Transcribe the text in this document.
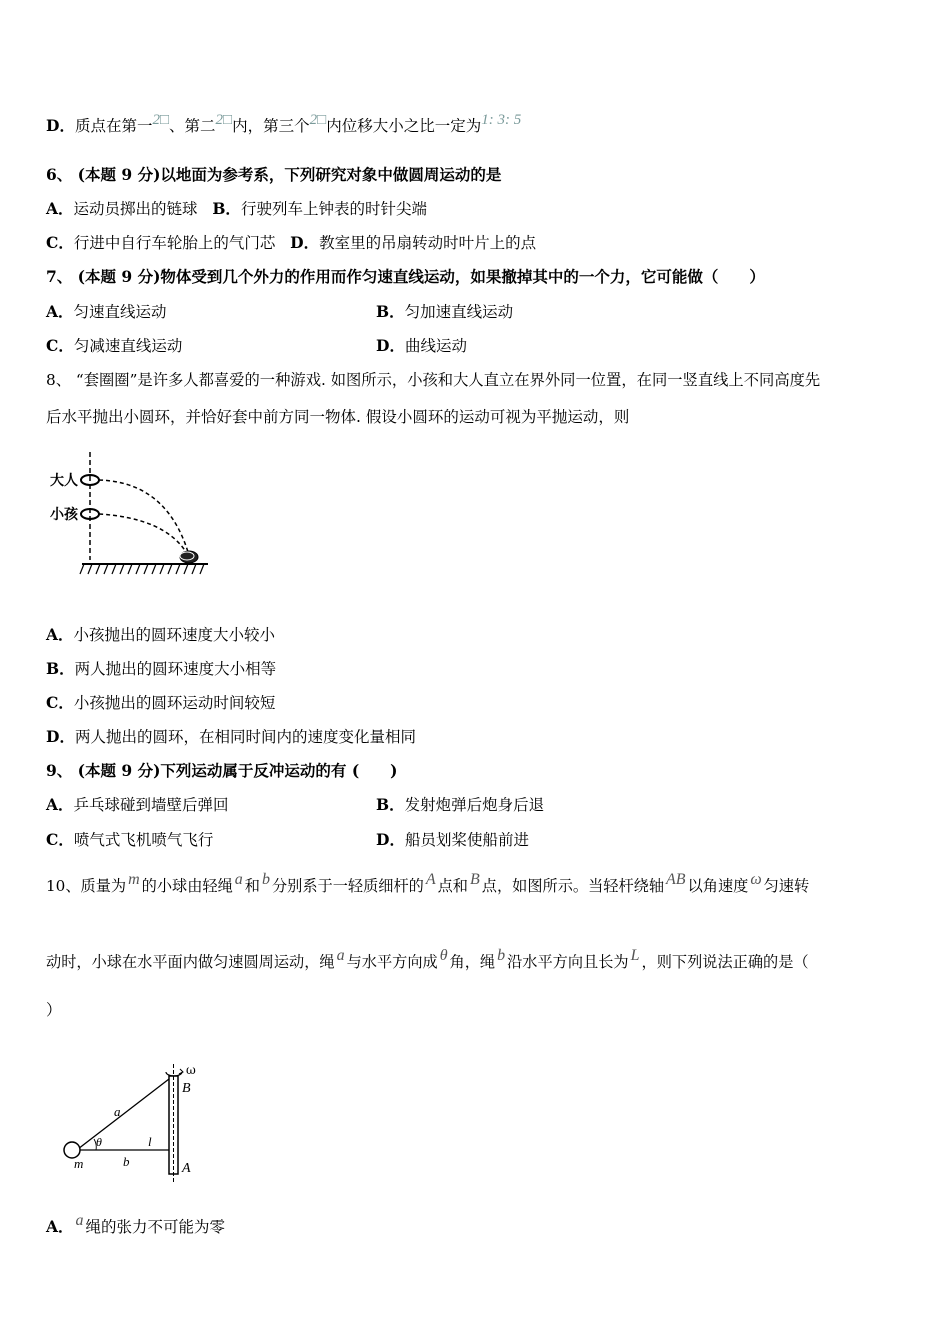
D．质点在第一2□、第二2□内，第三个2□内位移大小之比一定为1: 3: 5
6、 (本题 9 分)以地面为参考系，下列研究对象中做圆周运动的是
A．运动员掷出的链球 B．行驶列车上钟表的时针尖端
C．行进中自行车轮胎上的气门芯 D．教室里的吊扇转动时叶片上的点
7、 (本题 9 分)物体受到几个外力的作用而作匀速直线运动，如果撤掉其中的一个力，它可能做（　　）
A．匀速直线运动	B．匀加速直线运动
C．匀减速直线运动	D．曲线运动
8、 “套圈圈”是许多人都喜爱的一种游戏. 如图所示，小孩和大人直立在界外同一位置，在同一竖直线上不同高度先
后水平抛出小圆环，并恰好套中前方同一物体. 假设小圆环的运动可视为平抛运动，则
大人
小孩
A．小孩抛出的圆环速度大小较小
B．两人抛出的圆环速度大小相等
C．小孩抛出的圆环运动时间较短
D．两人抛出的圆环，在相同时间内的速度变化量相同
9、 (本题 9 分)下列运动属于反冲运动的有 (　　)
A．乒乓球碰到墙壁后弹回	B．发射炮弹后炮身后退
C．喷气式飞机喷气飞行	D．船员划桨使船前进
10、质量为 m 的小球由轻绳 a 和 b 分别系于一轻质细杆的 A 点和 B 点，如图所示。当轻杆绕轴 AB 以角速度 ω 匀速转
动时，小球在水平面内做匀速圆周运动，绳 a 与水平方向成 θ 角，绳 b 沿水平方向且长为 L ，则下列说法正确的是（
）
ω
B
a
θ	l
m	b	A
A． a 绳的张力不可能为零
